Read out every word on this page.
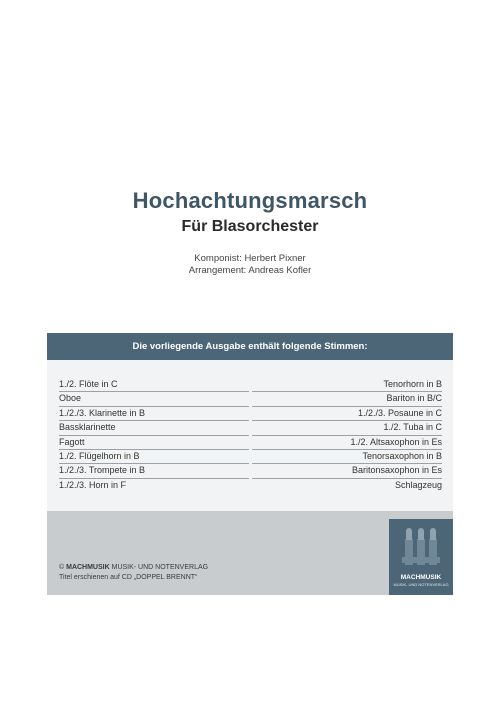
Hochachtungsmarsch
Für Blasorchester
Komponist: Herbert Pixner
Arrangement: Andreas Kofler
Die vorliegende Ausgabe enthält folgende Stimmen:
1./2. Flöte in C
Oboe
1./2./3. Klarinette in B
Bassklarinette
Fagott
1./2. Flügelhorn in B
1./2./3. Trompete in B
1./2./3. Horn in F
Tenorhorn in B
Bariton in B/C
1./2./3. Posaune in C
1./2. Tuba in C
1./2. Altsaxophon in Es
Tenorsaxophon in B
Baritonsaxophon in Es
Schlagzeug
© MACHMUSIK MUSIK- UND NOTENVERLAG
Titel erschienen auf CD „DOPPEL BRENNT“	MACHMUSIK
MUSIK- UND NOTENVERLAG
